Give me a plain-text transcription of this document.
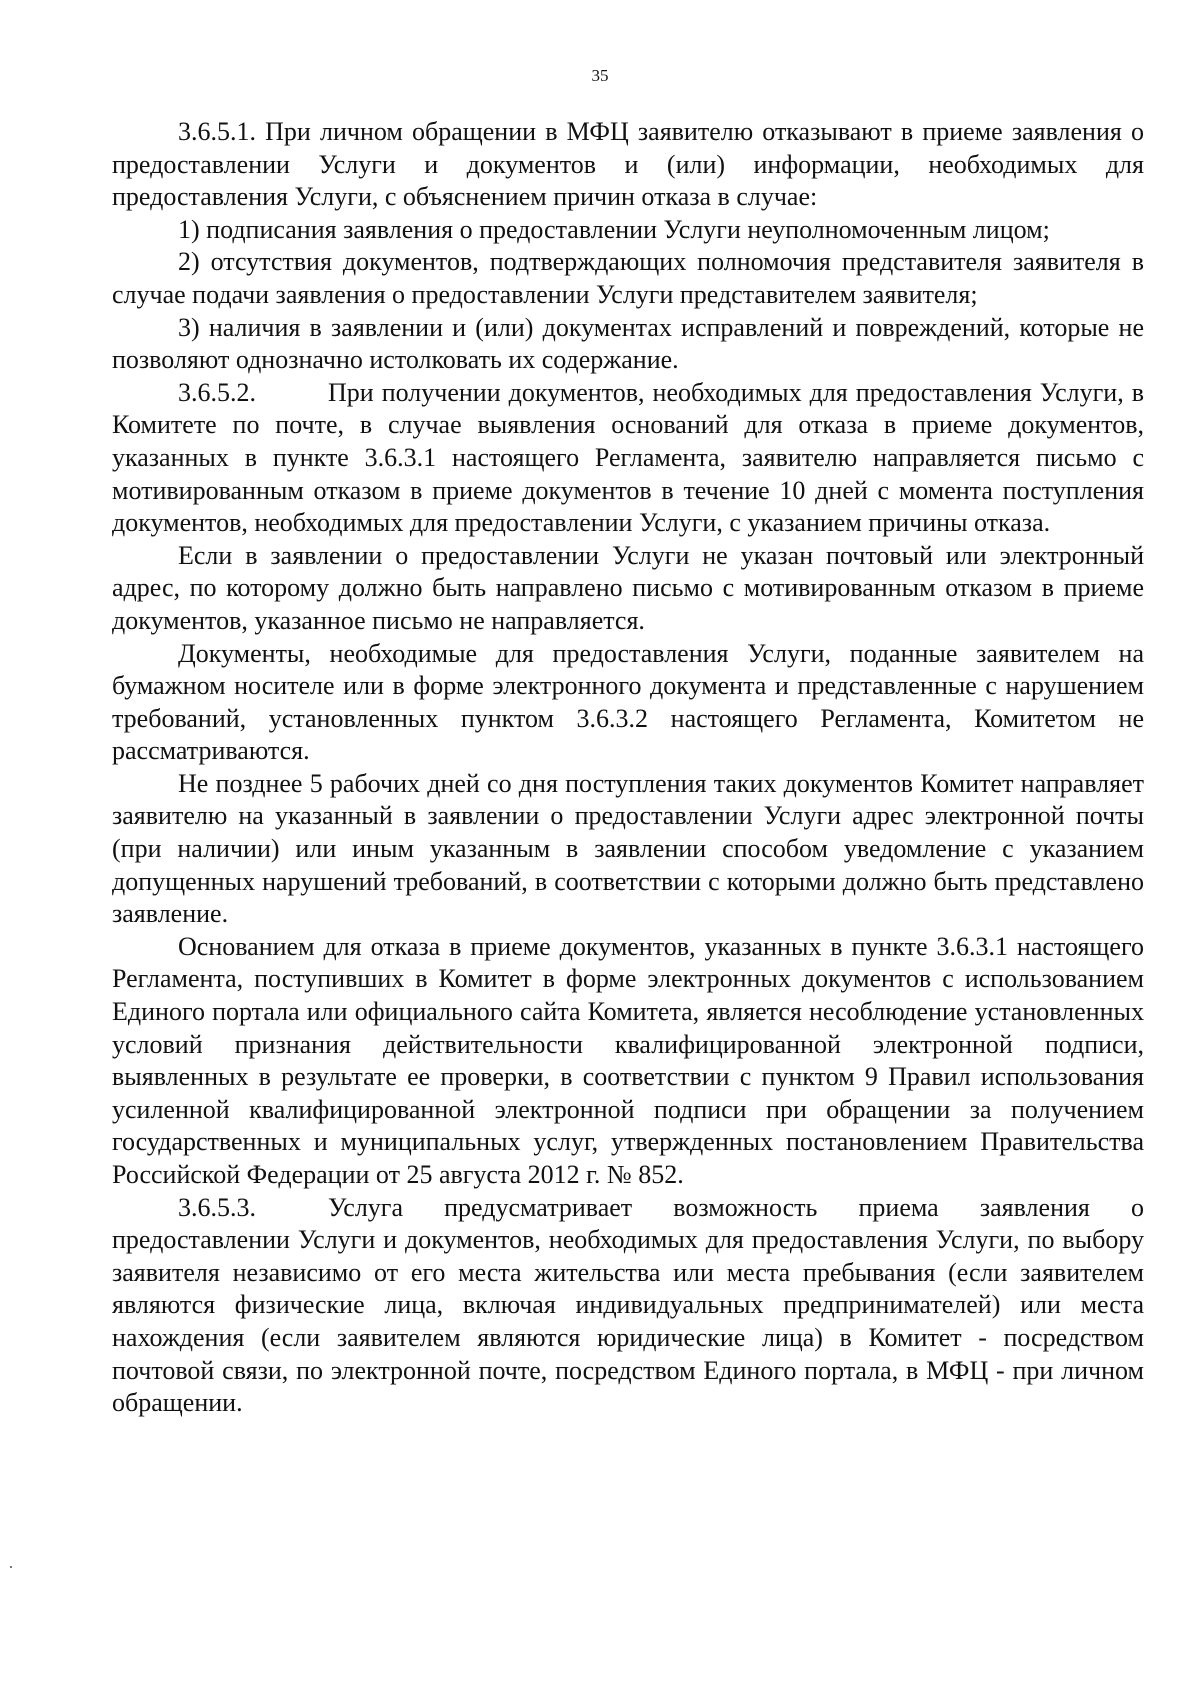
35

3.6.5.1. При личном обращении в МФЦ заявителю отказывают в приеме заявления о предоставлении Услуги и документов и (или) информации, необходимых для предоставления Услуги, с объяснением причин отказа в случае:

1) подписания заявления о предоставлении Услуги неуполномоченным лицом;

2) отсутствия документов, подтверждающих полномочия представителя заявителя в случае подачи заявления о предоставлении Услуги представителем заявителя;

3) наличия в заявлении и (или) документах исправлений и повреждений, которые не позволяют однозначно истолковать их содержание.

3.6.5.2.	При получении документов, необходимых для предоставления Услуги, в Комитете по почте, в случае выявления оснований для отказа в приеме документов, указанных в пункте 3.6.3.1 настоящего Регламента, заявителю направляется письмо с мотивированным отказом в приеме документов в течение 10 дней с момента поступления документов, необходимых для предоставлении Услуги, с указанием причины отказа.

Если в заявлении о предоставлении Услуги не указан почтовый или электронный адрес, по которому должно быть направлено письмо с мотивированным отказом в приеме документов, указанное письмо не направляется.

Документы, необходимые для предоставления Услуги, поданные заявителем на бумажном носителе или в форме электронного документа и представленные с нарушением требований, установленных пунктом 3.6.3.2 настоящего Регламента, Комитетом не рассматриваются.

Не позднее 5 рабочих дней со дня поступления таких документов Комитет направляет заявителю на указанный в заявлении о предоставлении Услуги адрес электронной почты (при наличии) или иным указанным в заявлении способом уведомление с указанием допущенных нарушений требований, в соответствии с которыми должно быть представлено заявление.

Основанием для отказа в приеме документов, указанных в пункте 3.6.3.1 настоящего Регламента, поступивших в Комитет в форме электронных документов с использованием Единого портала или официального сайта Комитета, является несоблюдение установленных условий признания действительности квалифицированной электронной подписи, выявленных в результате ее проверки, в соответствии с пунктом 9 Правил использования усиленной квалифицированной электронной подписи при обращении за получением государственных и муниципальных услуг, утвержденных постановлением Правительства Российской Федерации от 25 августа 2012 г. № 852.

3.6.5.3.	Услуга предусматривает возможность приема заявления о предоставлении Услуги и документов, необходимых для предоставления Услуги, по выбору заявителя независимо от его места жительства или места пребывания (если заявителем являются физические лица, включая индивидуальных предпринимателей) или места нахождения (если заявителем являются юридические лица) в Комитет - посредством почтовой связи, по электронной почте, посредством Единого портала, в МФЦ - при личном обращении.
